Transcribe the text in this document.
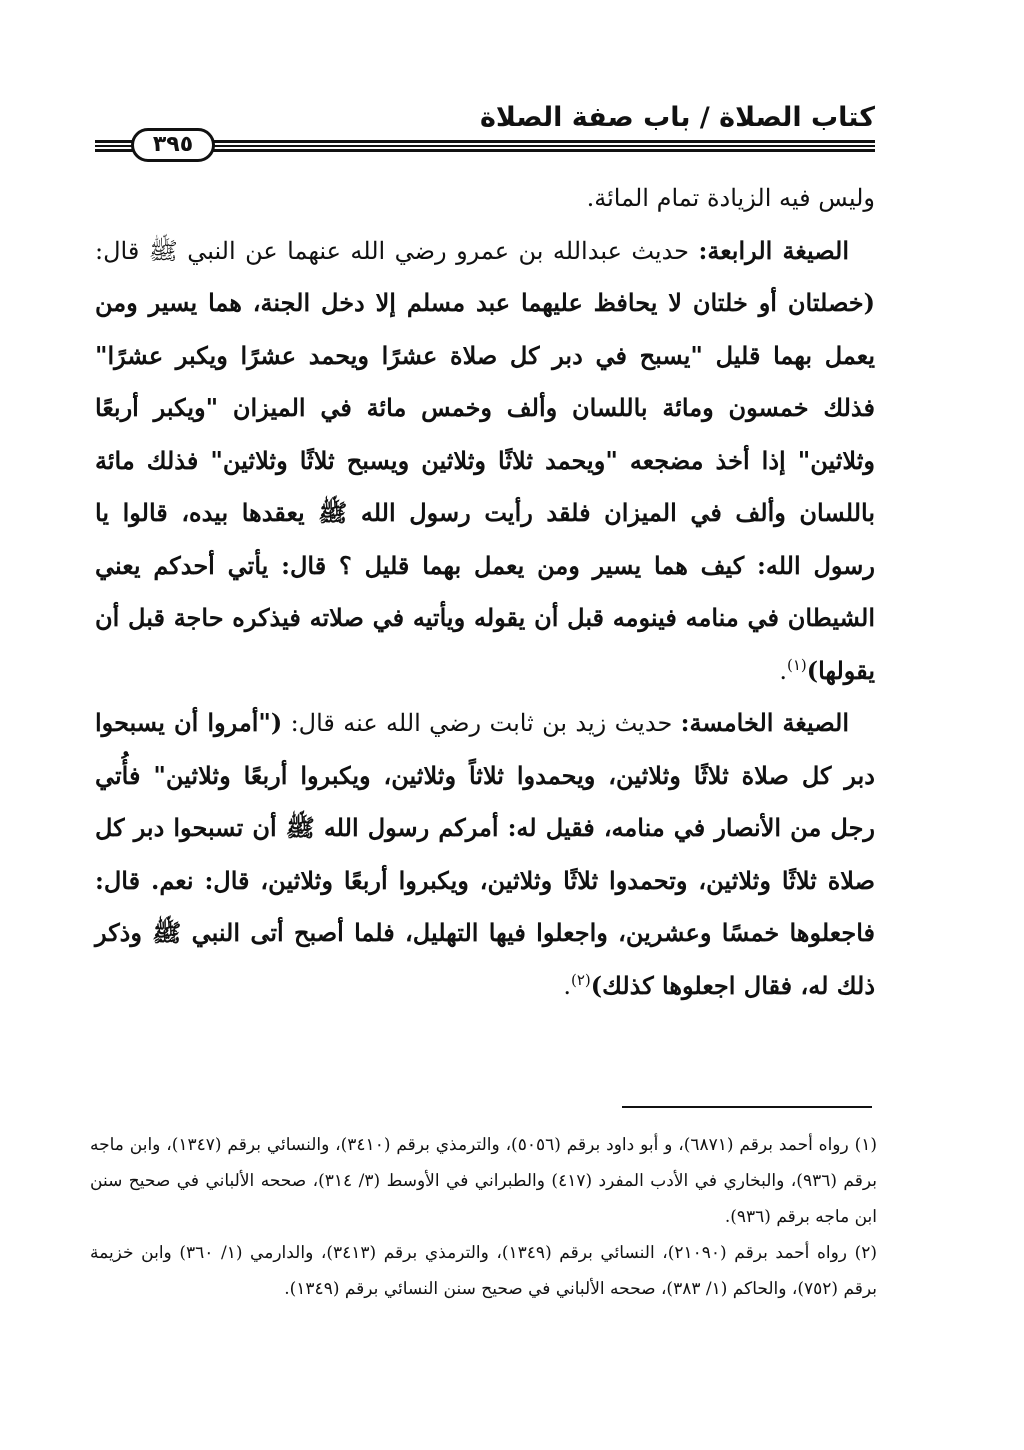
كتاب الصلاة / باب صفة الصلاة
٣٩٥

وليس فيه الزيادة تمام المائة.

الصيغة الرابعة: حديث عبدالله بن عمرو رضي الله عنهما عن النبي ﷺ قال: (خصلتان أو خلتان لا يحافظ عليهما عبد مسلم إلا دخل الجنة، هما يسير ومن يعمل بهما قليل "يسبح في دبر كل صلاة عشرًا ويحمد عشرًا ويكبر عشرًا" فذلك خمسون ومائة باللسان وألف وخمس مائة في الميزان "ويكبر أربعًا وثلاثين" إذا أخذ مضجعه "ويحمد ثلاثًا وثلاثين ويسبح ثلاثًا وثلاثين" فذلك مائة باللسان وألف في الميزان فلقد رأيت رسول الله ﷺ يعقدها بيده، قالوا يا رسول الله: كيف هما يسير ومن يعمل بهما قليل ؟ قال: يأتي أحدكم يعني الشيطان في منامه فينومه قبل أن يقوله ويأتيه في صلاته فيذكره حاجة قبل أن يقولها)$^{(١)}$.

الصيغة الخامسة: حديث زيد بن ثابت رضي الله عنه قال: ("أمروا أن يسبحوا دبر كل صلاة ثلاثًا وثلاثين، ويحمدوا ثلاثاً وثلاثين، ويكبروا أربعًا وثلاثين" فأُتي رجل من الأنصار في منامه، فقيل له: أمركم رسول الله ﷺ أن تسبحوا دبر كل صلاة ثلاثًا وثلاثين، وتحمدوا ثلاثًا وثلاثين، ويكبروا أربعًا وثلاثين، قال: نعم. قال: فاجعلوها خمسًا وعشرين، واجعلوا فيها التهليل، فلما أصبح أتى النبي ﷺ وذكر ذلك له، فقال اجعلوها كذلك)$^{(٢)}$.

(١) رواه أحمد برقم (٦٨٧١)، و أبو داود برقم (٥٠٥٦)، والترمذي برقم (٣٤١٠)، والنسائي برقم (١٣٤٧)، وابن ماجه برقم (٩٣٦)، والبخاري في الأدب المفرد (٤١٧) والطبراني في الأوسط (٣/ ٣١٤)، صححه الألباني في صحيح سنن ابن ماجه برقم (٩٣٦).

(٢) رواه أحمد برقم (٢١٠٩٠)، النسائي برقم (١٣٤٩)، والترمذي برقم (٣٤١٣)، والدارمي (١/ ٣٦٠) وابن خزيمة برقم (٧٥٢)، والحاكم (١/ ٣٨٣)، صححه الألباني في صحيح سنن النسائي برقم (١٣٤٩).
